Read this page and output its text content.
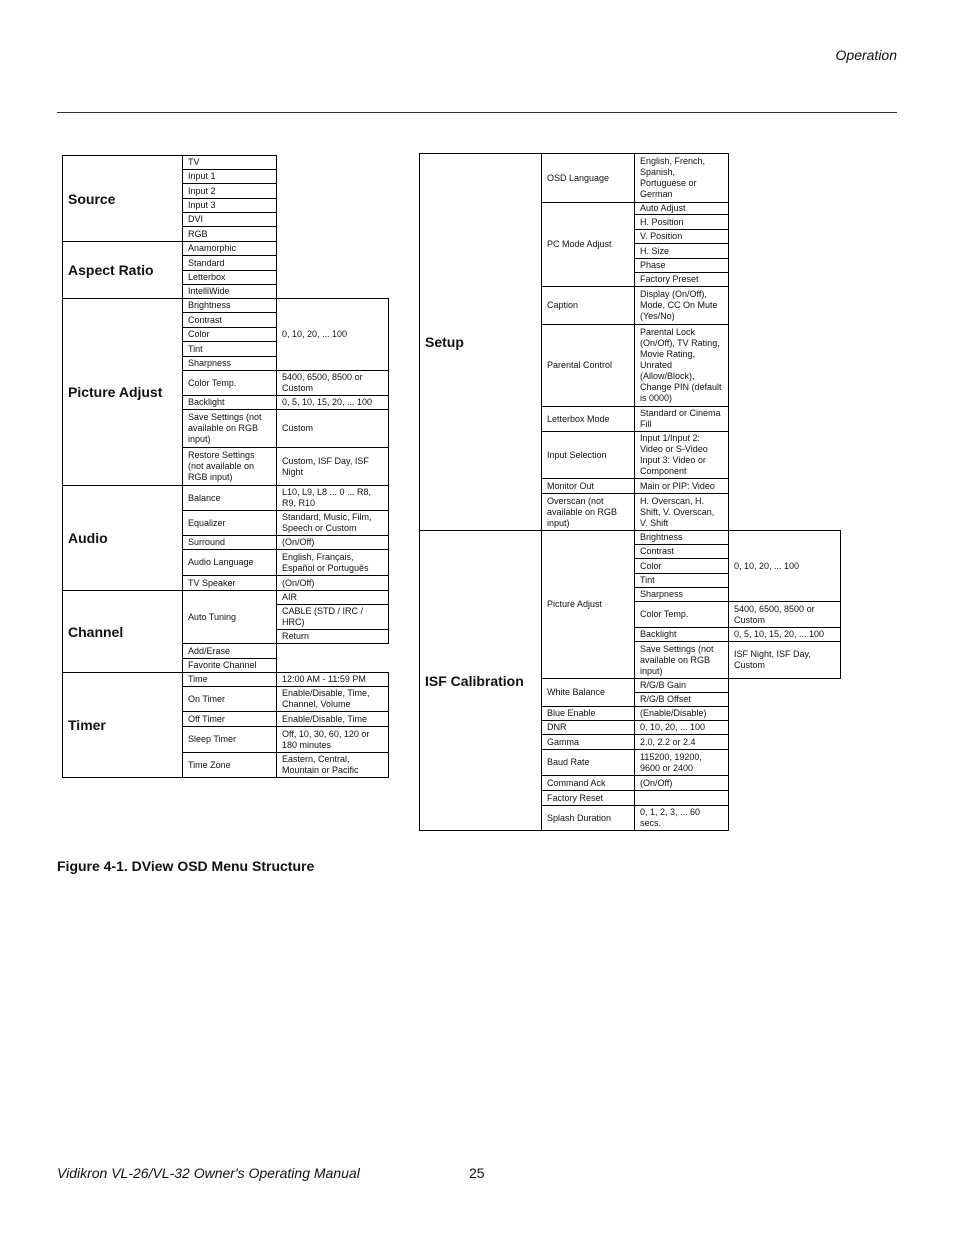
Operation
Source
Aspect Ratio
Picture Adjust
Audio
Channel
Timer
TV
Input 1
Input 2
Input 3
DVI
RGB
Anamorphic
Standard
Letterbox
IntelliWide
Brightness
Contrast
Color
Tint
Sharpness
Color Temp.
Backlight
Save Settings (not available on RGB input)
Restore Settings (not available on RGB input)
Balance
Equalizer
Surround
Audio Language
TV Speaker
Auto Tuning
Add/Erase
Favorite Channel
Time
On Timer
Off Timer
Sleep Timer
Time Zone
0, 10, 20, ... 100
5400, 6500, 8500 or Custom
0, 5, 10, 15, 20, ... 100
Custom
Custom, ISF Day, ISF Night
L10, L9, L8 ... 0 ... R8, R9, R10
Standard, Music, Film, Speech or Custom
(On/Off)
English, Français, Español or Português
(On/Off)
12:00 AM - 11:59 PM
Enable/Disable, Time, Channel, Volume
Enable/Disable, Time
Off, 10, 30, 60, 120 or 180 minutes
Eastern, Central, Mountain or Pacific
AIR
CABLE (STD / IRC / HRC)
Return
Setup
ISF Calibration
OSD Language
PC Mode Adjust
Caption
Parental Control
Letterbox Mode
Input Selection
Monitor Out
Overscan (not available on RGB input)
Picture Adjust
White Balance
Blue Enable
DNR
Gamma
Baud Rate
Command Ack
Factory Reset
Splash Duration
English, French, Spanish, Portuguese or German
Auto Adjust
H. Position
V. Position
H. Size
Phase
Factory Preset
Display (On/Off), Mode, CC On Mute (Yes/No)
Parental Lock (On/Off), TV Rating, Movie Rating, Unrated (Allow/Block), Change PIN (default is 0000)
Standard or Cinema Fill
Input 1/Input 2: Video or S-Video Input 3: Video or Component
Main or PIP: Video
H. Overscan, H. Shift, V. Overscan, V. Shift
Brightness
Contrast
Color
Tint
Sharpness
Color Temp.
Backlight
Save Settings (not available on RGB input)
R/G/B Gain
R/G/B Offset
(Enable/Disable)
0, 10, 20, ... 100
2.0, 2.2 or 2.4
115200, 19200, 9600 or 2400
(On/Off)
0, 1, 2, 3, ... 60 secs.
0, 10, 20, ... 100
5400, 6500, 8500 or Custom
0, 5, 10, 15, 20, ... 100
ISF Night, ISF Day, Custom
Figure 4-1. DView OSD Menu Structure
Vidikron VL-26/VL-32 Owner's Operating Manual	25
